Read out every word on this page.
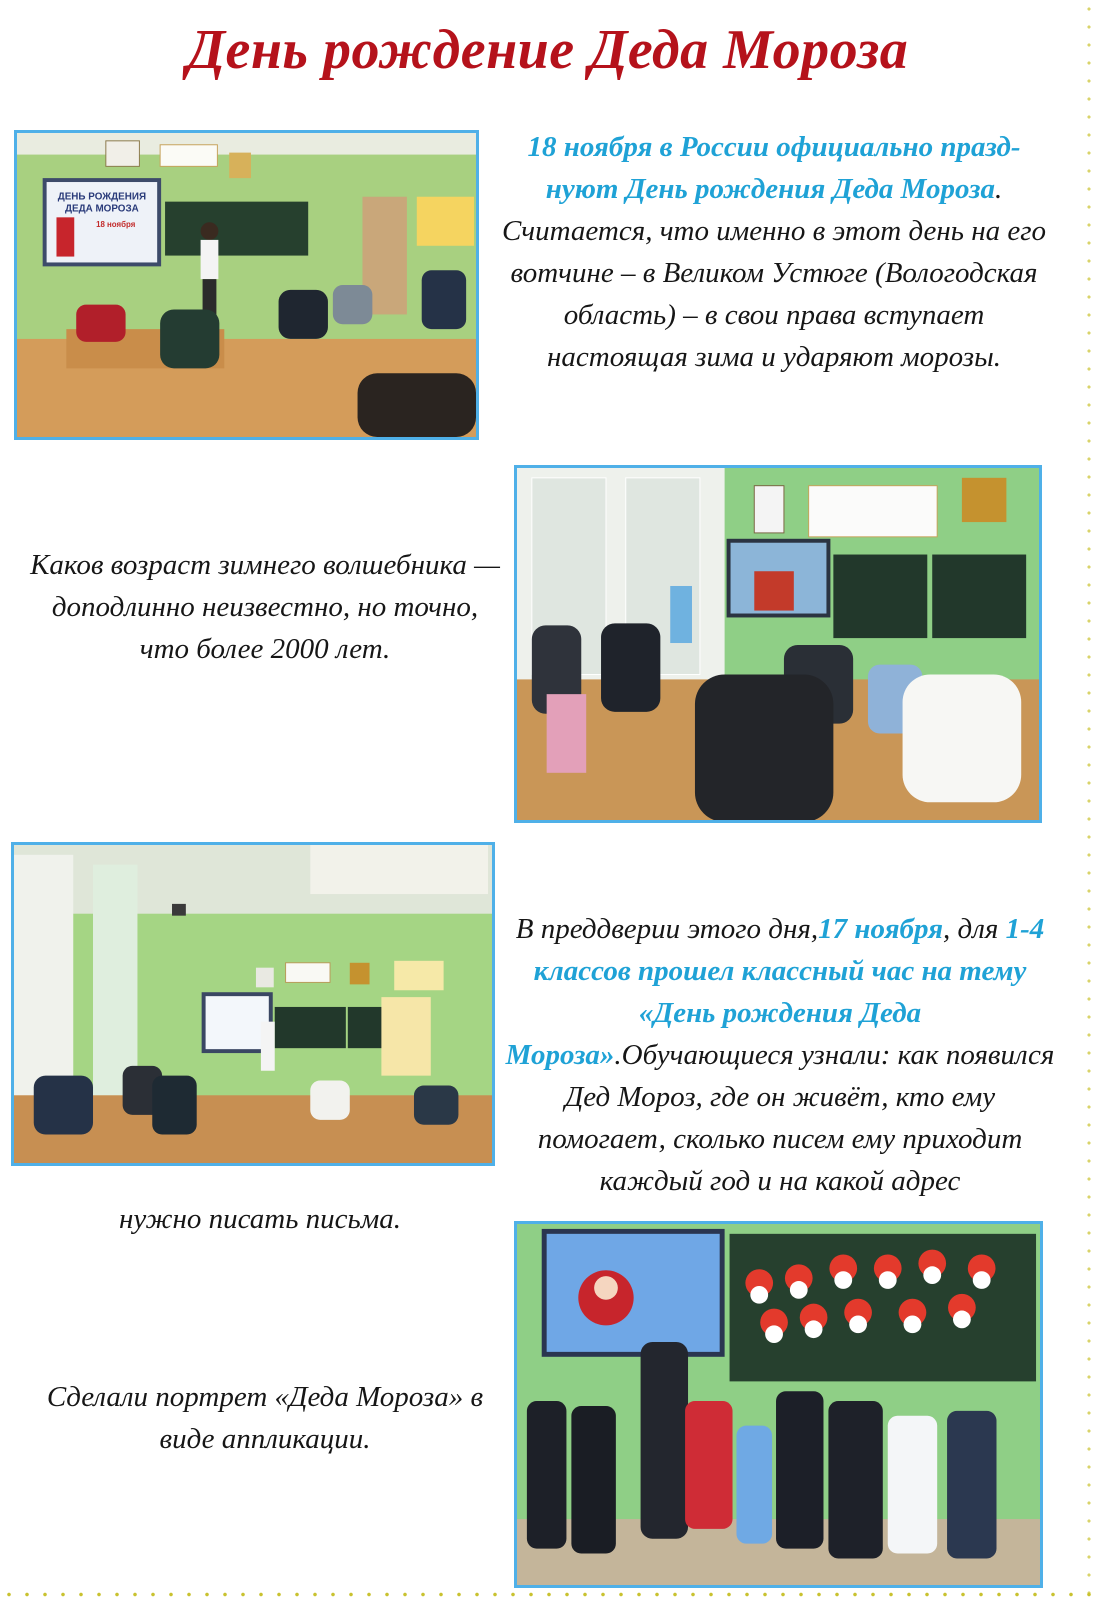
День рождение Деда Мороза
ДЕНЬ РОЖДЕНИЯ
ДЕДА МОРОЗА
18 ноября
18 ноября в России официально празд-нуют День рождения Деда Мороза. Считается, что именно в этот день на его вотчине – в Великом Устюге (Вологодская область) – в свои права вступает настоящая зима и ударяют морозы.
Каков возраст зимнего волшебника — доподлинно неизвестно, но точно, что более 2000 лет.
В преддверии этого дня,17 ноября, для 1-4 классов прошел классный час на тему «День рождения Деда Мороза».Обучающиеся узнали: как появился Дед Мороз, где он живёт, кто ему помогает, сколько писем ему приходит каждый год и на какой адрес
нужно писать письма.
Сделали портрет «Деда Мороза» в виде аппликации.
